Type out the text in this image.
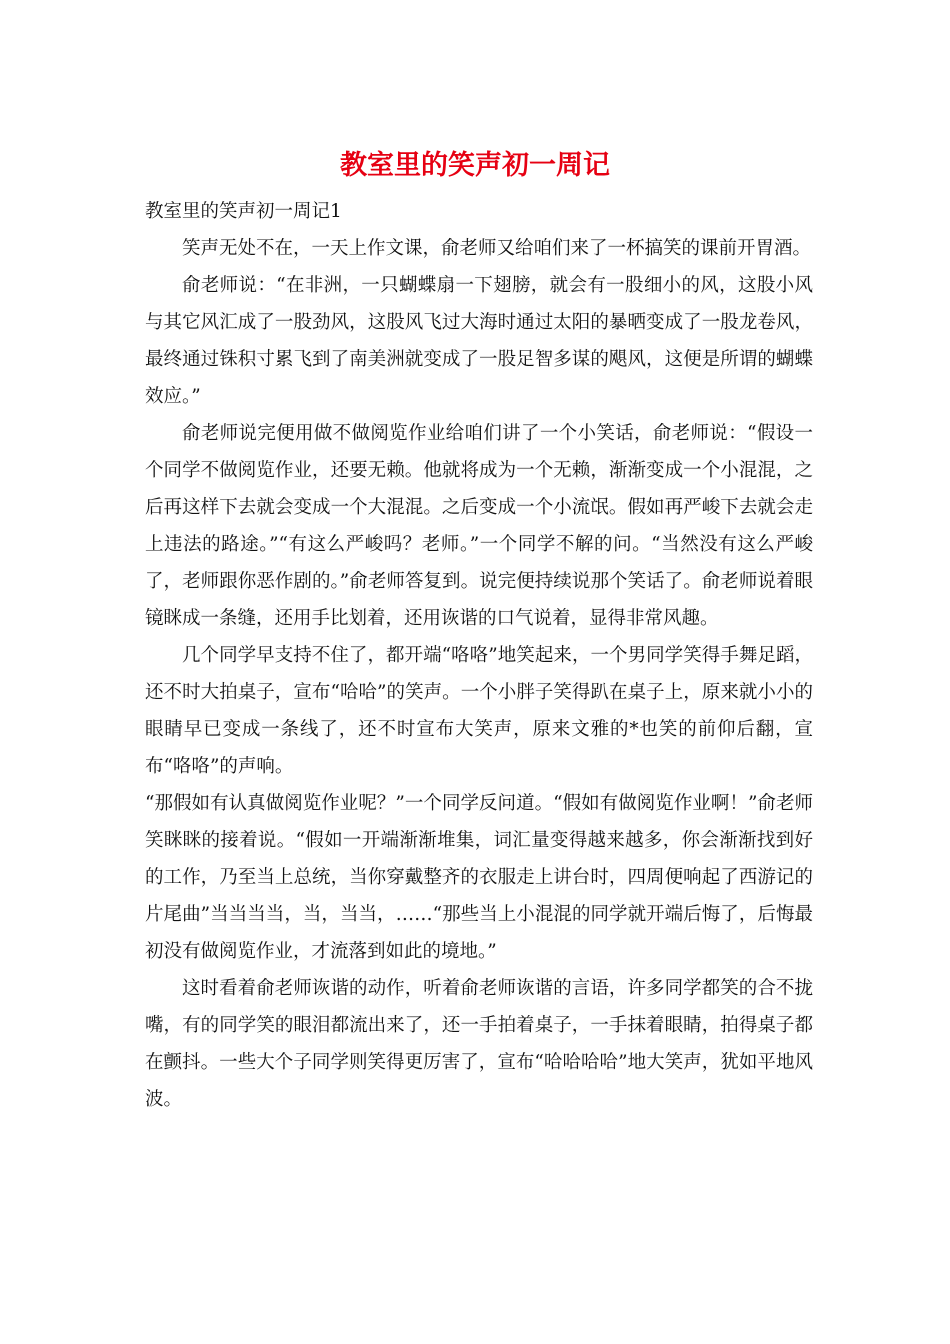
教室里的笑声初一周记

教室里的笑声初一周记1

笑声无处不在，一天上作文课，俞老师又给咱们来了一杯搞笑的课前开胃酒。

俞老师说：“在非洲，一只蝴蝶扇一下翅膀，就会有一股细小的风，这股小风与其它风汇成了一股劲风，这股风飞过大海时通过太阳的暴晒变成了一股龙卷风，最终通过铢积寸累飞到了南美洲就变成了一股足智多谋的飓风，这便是所谓的蝴蝶效应。”

俞老师说完便用做不做阅览作业给咱们讲了一个小笑话，俞老师说：“假设一个同学不做阅览作业，还要无赖。他就将成为一个无赖，渐渐变成一个小混混，之后再这样下去就会变成一个大混混。之后变成一个小流氓。假如再严峻下去就会走上违法的路途。”“有这么严峻吗？老师。”一个同学不解的问。“当然没有这么严峻了，老师跟你恶作剧的。”俞老师答复到。说完便持续说那个笑话了。俞老师说着眼镜眯成一条缝，还用手比划着，还用诙谐的口气说着，显得非常风趣。

几个同学早支持不住了，都开端“咯咯”地笑起来，一个男同学笑得手舞足蹈，还不时大拍桌子，宣布“哈哈”的笑声。一个小胖子笑得趴在桌子上，原来就小小的眼睛早已变成一条线了，还不时宣布大笑声，原来文雅的*也笑的前仰后翻，宣布“咯咯”的声响。

“那假如有认真做阅览作业呢？”一个同学反问道。“假如有做阅览作业啊！”俞老师笑眯眯的接着说。“假如一开端渐渐堆集，词汇量变得越来越多，你会渐渐找到好的工作，乃至当上总统，当你穿戴整齐的衣服走上讲台时，四周便响起了西游记的片尾曲”当当当当，当，当当，……“那些当上小混混的同学就开端后悔了，后悔最初没有做阅览作业，才流落到如此的境地。”

这时看着俞老师诙谐的动作，听着俞老师诙谐的言语，许多同学都笑的合不拢嘴，有的同学笑的眼泪都流出来了，还一手拍着桌子，一手抹着眼睛，拍得桌子都在颤抖。一些大个子同学则笑得更厉害了，宣布“哈哈哈哈”地大笑声，犹如平地风波。
